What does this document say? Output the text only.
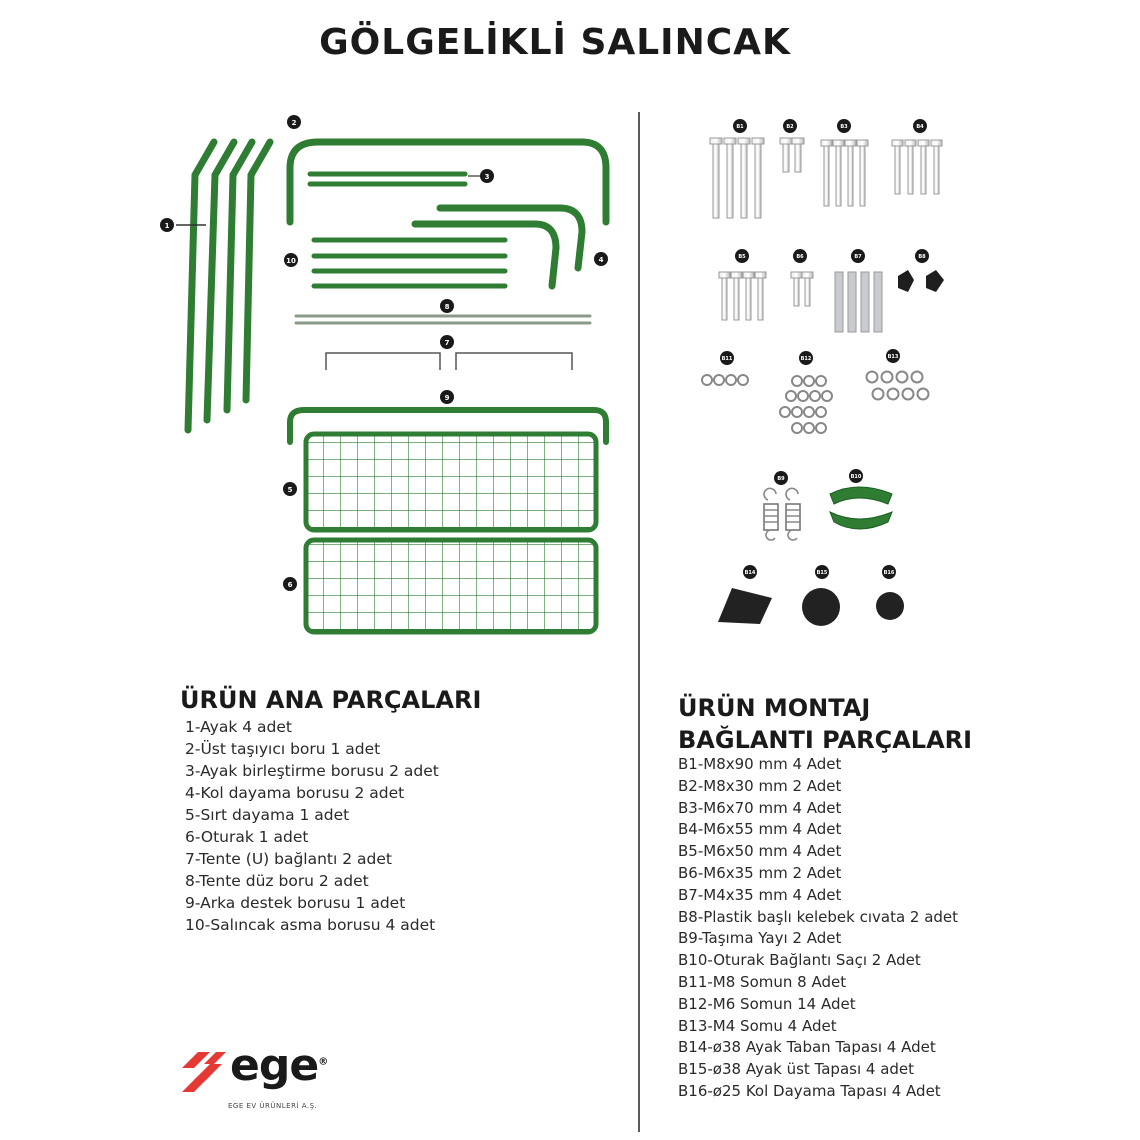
GÖLGELİKLİ SALINCAK
1
2
3
4
5
6
7
8
9
10
B1	B2	B3	B4
B5	B6	B7	B8
B9	B10
B11	B12	B13
B14	B15	B16
ÜRÜN ANA PARÇALARI
1-Ayak 4 adet
2-Üst taşıyıcı boru 1 adet
3-Ayak birleştirme borusu 2 adet
4-Kol dayama borusu 2 adet
5-Sırt dayama 1 adet
6-Oturak 1 adet
7-Tente (U) bağlantı 2 adet
8-Tente düz boru 2 adet
9-Arka destek borusu 1 adet
10-Salıncak asma borusu 4 adet
ÜRÜN MONTAJ
BAĞLANTI PARÇALARI
B1-M8x90 mm 4 Adet
B2-M8x30 mm 2 Adet
B3-M6x70 mm 4 Adet
B4-M6x55 mm 4 Adet
B5-M6x50 mm 4 Adet
B6-M6x35 mm 2 Adet
B7-M4x35 mm 4 Adet
B8-Plastik başlı kelebek cıvata 2 adet
B9-Taşıma Yayı 2 Adet
B10-Oturak Bağlantı Saçı 2 Adet
B11-M8 Somun 8 Adet
B12-M6 Somun 14 Adet
B13-M4 Somu 4 Adet
B14-ø38 Ayak Taban Tapası 4 Adet
B15-ø38 Ayak üst Tapası 4 adet
B16-ø25 Kol Dayama Tapası 4 Adet
ege®
EGE EV ÜRÜNLERİ A.Ş.
